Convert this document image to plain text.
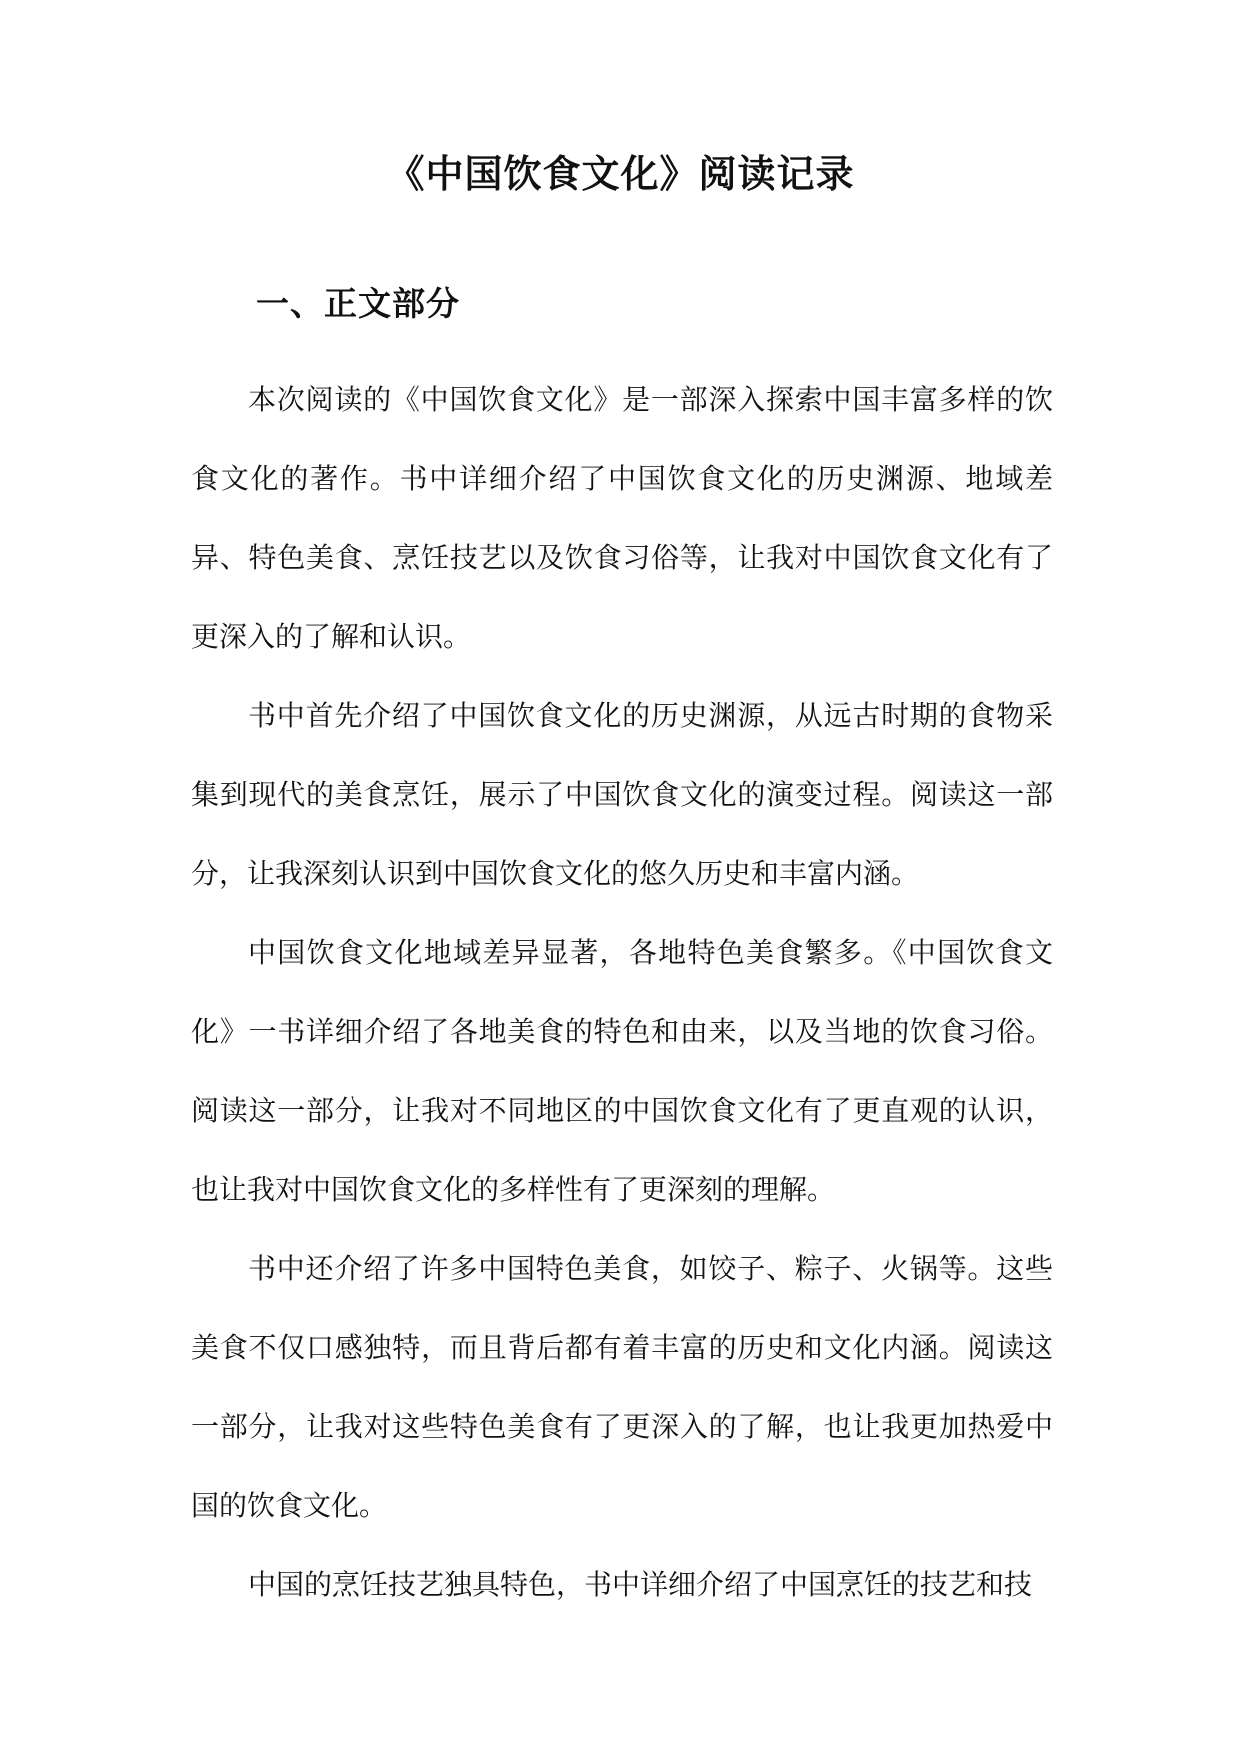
《中国饮食文化》阅读记录
一、正文部分

本次阅读的《中国饮食文化》是一部深入探索中国丰富多样的饮食文化的著作。书中详细介绍了中国饮食文化的历史渊源、地域差异、特色美食、烹饪技艺以及饮食习俗等，让我对中国饮食文化有了更深入的了解和认识。

书中首先介绍了中国饮食文化的历史渊源，从远古时期的食物采集到现代的美食烹饪，展示了中国饮食文化的演变过程。阅读这一部分，让我深刻认识到中国饮食文化的悠久历史和丰富内涵。

中国饮食文化地域差异显著，各地特色美食繁多。《中国饮食文化》一书详细介绍了各地美食的特色和由来，以及当地的饮食习俗。阅读这一部分，让我对不同地区的中国饮食文化有了更直观的认识，也让我对中国饮食文化的多样性有了更深刻的理解。

书中还介绍了许多中国特色美食，如饺子、粽子、火锅等。这些美食不仅口感独特，而且背后都有着丰富的历史和文化内涵。阅读这一部分，让我对这些特色美食有了更深入的了解，也让我更加热爱中国的饮食文化。

中国的烹饪技艺独具特色，书中详细介绍了中国烹饪的技艺和技
